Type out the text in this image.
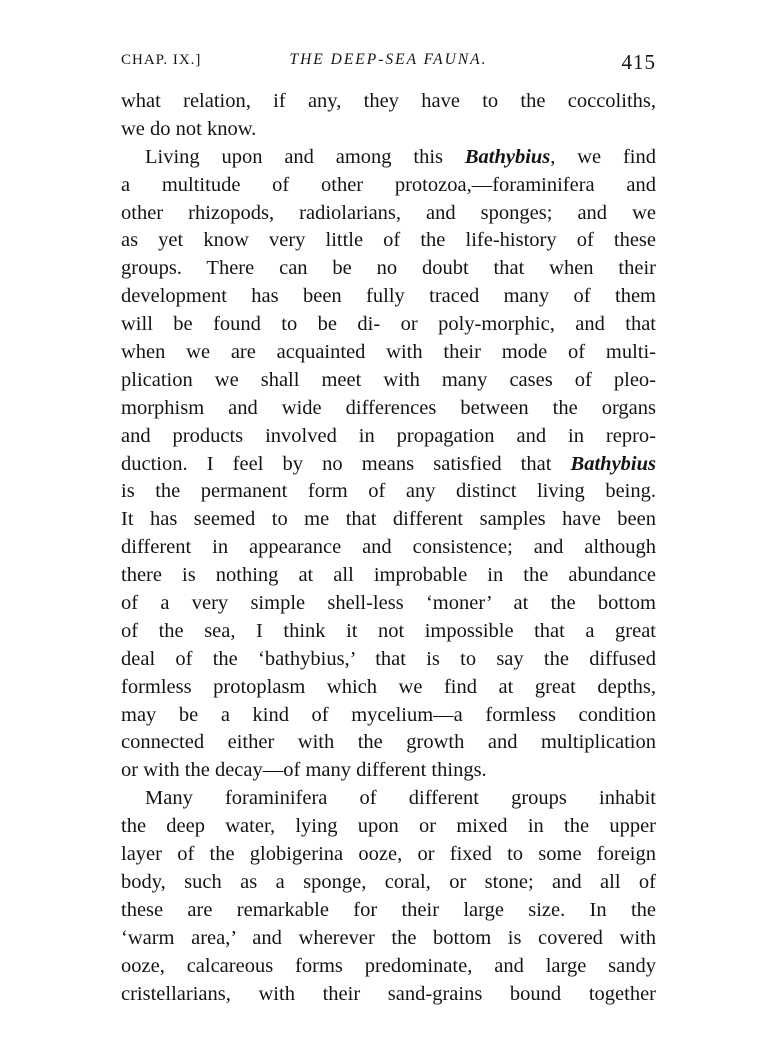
CHAP. IX.]	THE DEEP-SEA FAUNA.	415
what relation, if any, they have to the coccoliths,
we do not know.
Living upon and among this Bathybius, we find
a multitude of other protozoa,—foraminifera and
other rhizopods, radiolarians, and sponges; and we
as yet know very little of the life-history of these
groups. There can be no doubt that when their
development has been fully traced many of them
will be found to be di- or poly-morphic, and that
when we are acquainted with their mode of multi-
plication we shall meet with many cases of pleo-
morphism and wide differences between the organs
and products involved in propagation and in repro-
duction. I feel by no means satisfied that Bathybius
is the permanent form of any distinct living being.
It has seemed to me that different samples have been
different in appearance and consistence; and although
there is nothing at all improbable in the abundance
of a very simple shell-less ‘moner’ at the bottom
of the sea, I think it not impossible that a great
deal of the ‘bathybius,’ that is to say the diffused
formless protoplasm which we find at great depths,
may be a kind of mycelium—a formless condition
connected either with the growth and multiplication
or with the decay—of many different things.
Many foraminifera of different groups inhabit
the deep water, lying upon or mixed in the upper
layer of the globigerina ooze, or fixed to some foreign
body, such as a sponge, coral, or stone; and all of
these are remarkable for their large size. In the
‘warm area,’ and wherever the bottom is covered with
ooze, calcareous forms predominate, and large sandy
cristellarians, with their sand-grains bound together
